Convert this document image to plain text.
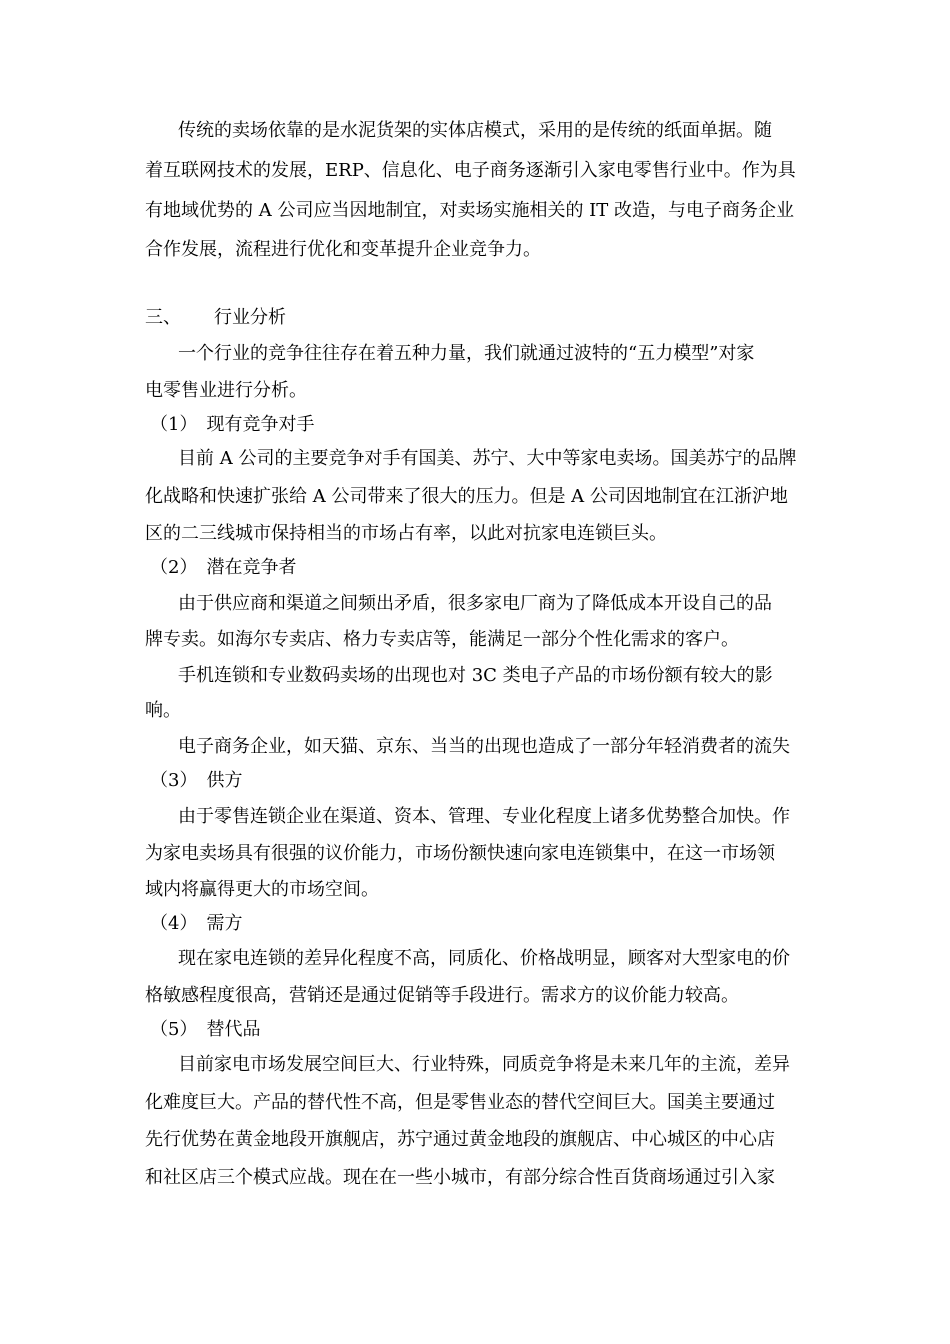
传统的卖场依靠的是水泥货架的实体店模式，采用的是传统的纸面单据。随
着互联网技术的发展，ERP、信息化、电子商务逐渐引入家电零售行业中。作为具
有地域优势的 A 公司应当因地制宜，对卖场实施相关的 IT 改造，与电子商务企业
合作发展，流程进行优化和变革提升企业竞争力。
三、 行业分析
一个行业的竞争往往存在着五种力量，我们就通过波特的“五力模型”对家
电零售业进行分析。
（1）　现有竞争对手
目前 A 公司的主要竞争对手有国美、苏宁、大中等家电卖场。国美苏宁的品牌
化战略和快速扩张给 A 公司带来了很大的压力。但是 A 公司因地制宜在江浙沪地
区的二三线城市保持相当的市场占有率，以此对抗家电连锁巨头。
（2）　潜在竞争者
由于供应商和渠道之间频出矛盾，很多家电厂商为了降低成本开设自己的品
牌专卖。如海尔专卖店、格力专卖店等，能满足一部分个性化需求的客户。
手机连锁和专业数码卖场的出现也对 3C 类电子产品的市场份额有较大的影
响。
电子商务企业，如天猫、京东、当当的出现也造成了一部分年轻消费者的流失
（3）　供方
由于零售连锁企业在渠道、资本、管理、专业化程度上诸多优势整合加快。作
为家电卖场具有很强的议价能力，市场份额快速向家电连锁集中，在这一市场领
域内将赢得更大的市场空间。
（4）　需方
现在家电连锁的差异化程度不高，同质化、价格战明显，顾客对大型家电的价
格敏感程度很高，营销还是通过促销等手段进行。需求方的议价能力较高。
（5）　替代品
目前家电市场发展空间巨大、行业特殊，同质竞争将是未来几年的主流，差异
化难度巨大。产品的替代性不高，但是零售业态的替代空间巨大。国美主要通过
先行优势在黄金地段开旗舰店，苏宁通过黄金地段的旗舰店、中心城区的中心店
和社区店三个模式应战。现在在一些小城市，有部分综合性百货商场通过引入家
